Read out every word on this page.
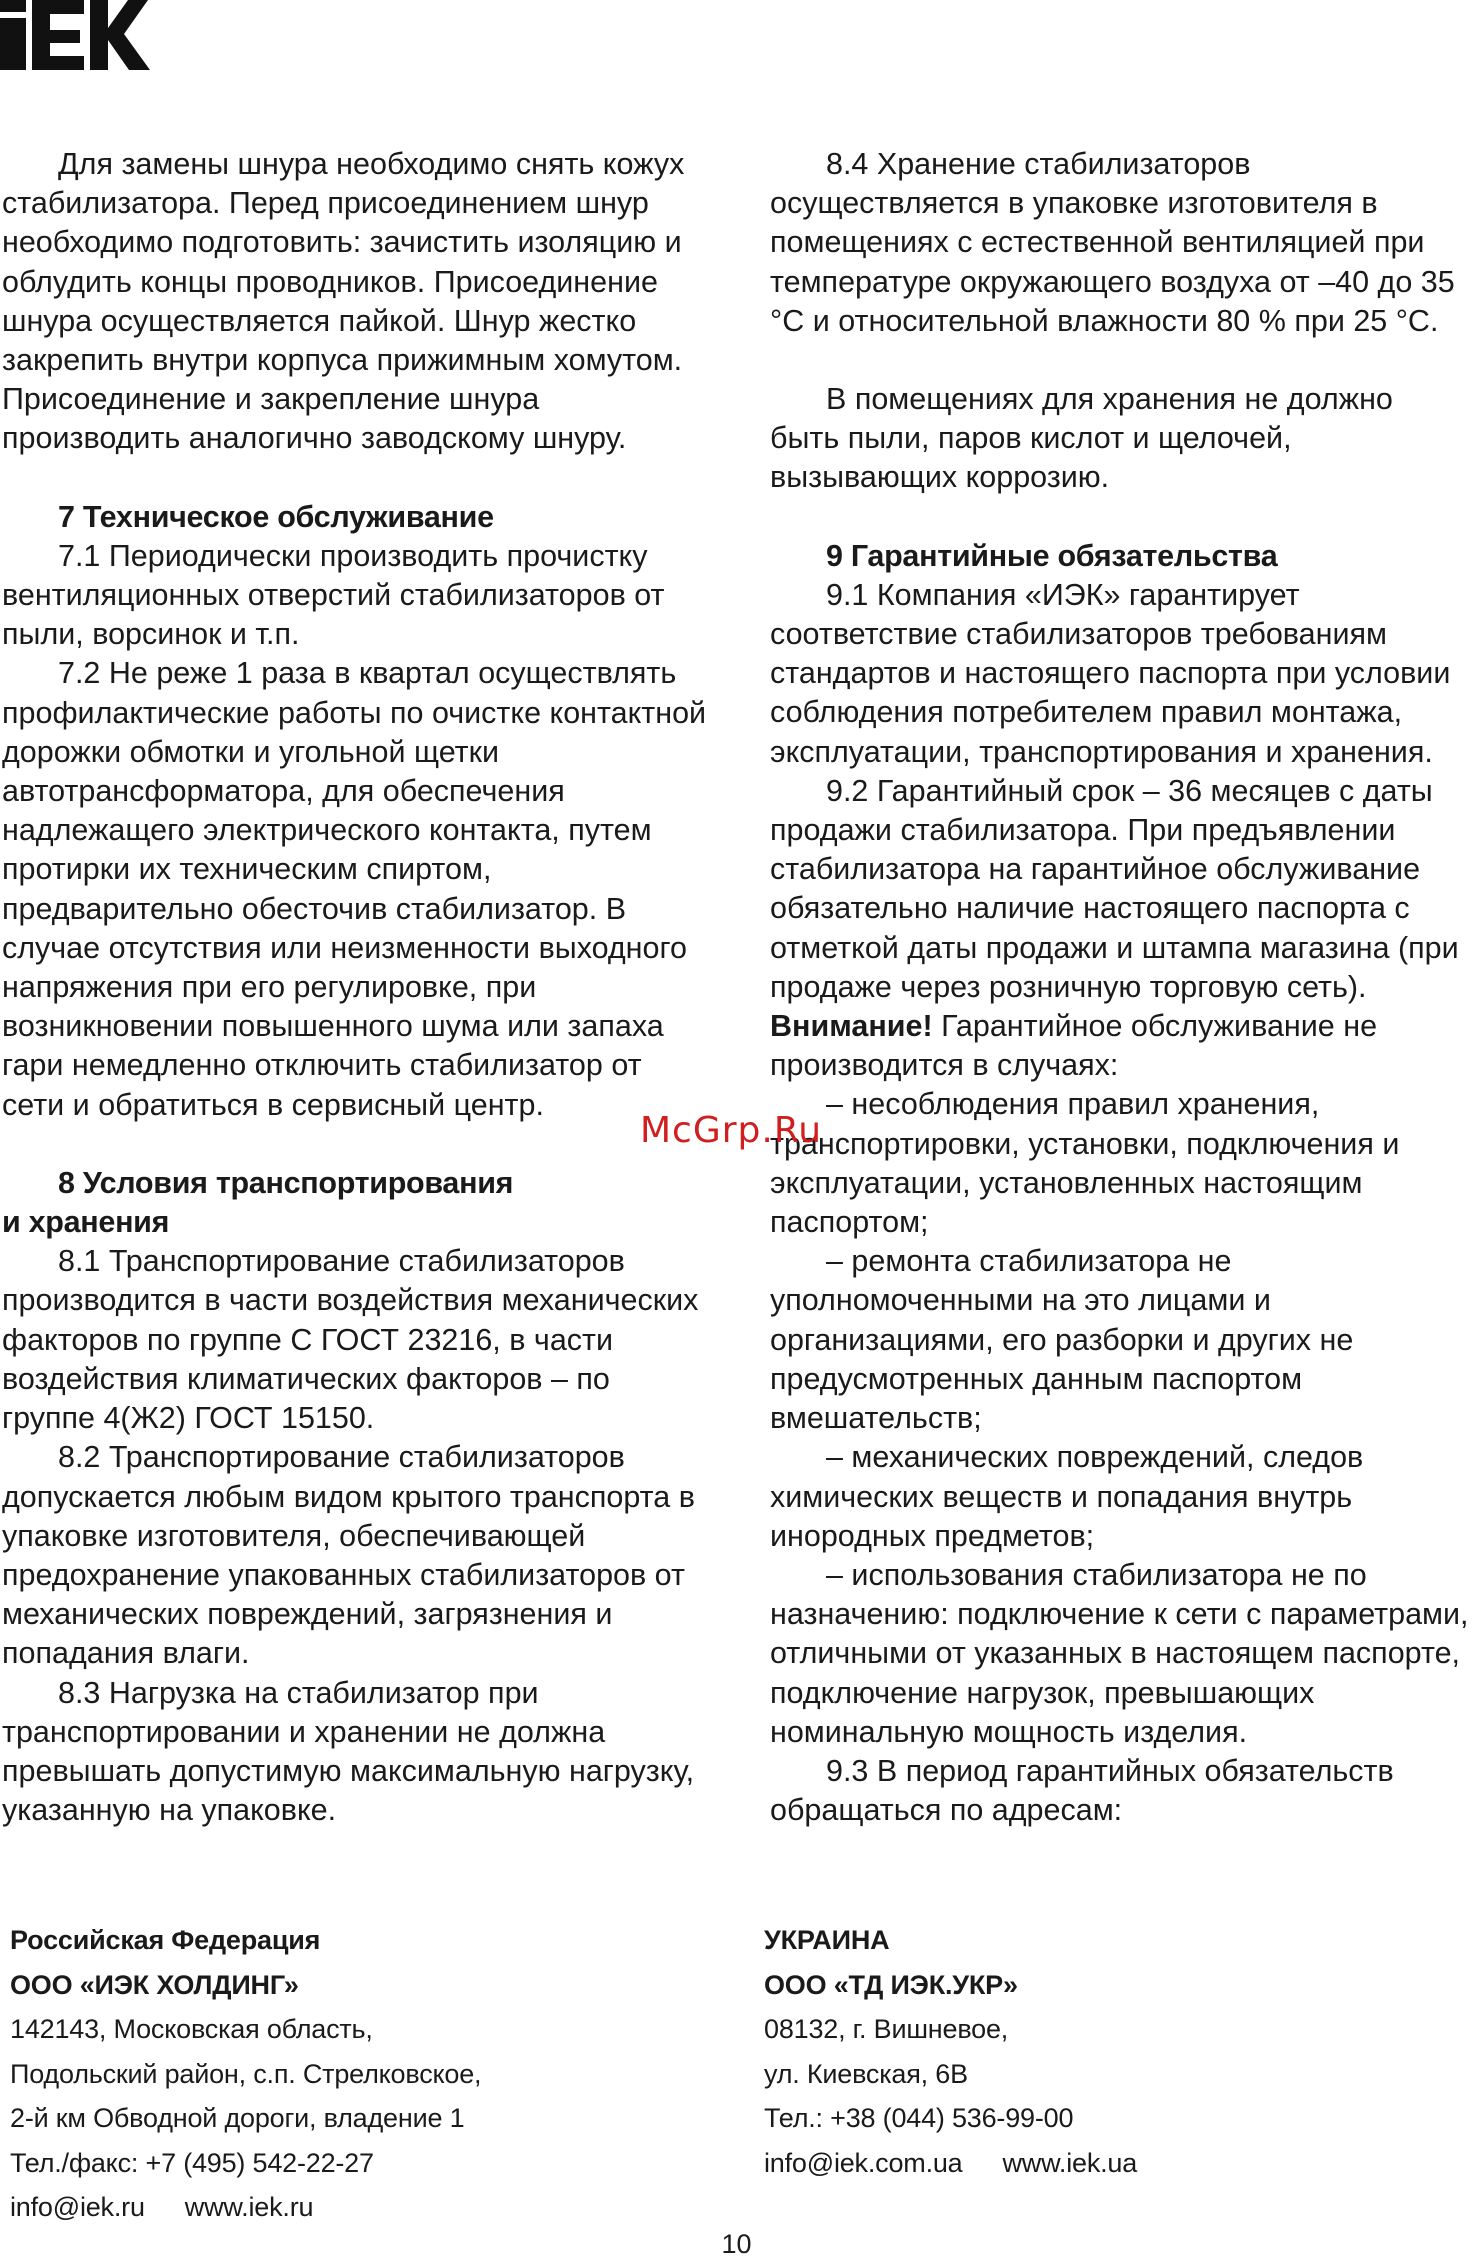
Для замены шнура необходимо снять кожух стабилизатора. Перед присоединением шнур необходимо подготовить: зачистить изоляцию и облудить концы проводников. Присоединение шнура осуществляется пайкой. Шнур жестко закрепить внутри корпуса прижимным хомутом. Присоединение и закрепление шнура производить аналогично заводскому шнуру.

7 Техническое обслуживание

7.1 Периодически производить прочистку вентиляционных отверстий стабилизаторов от пыли, ворсинок и т.п.

7.2 Не реже 1 раза в квартал осуществлять профилактические работы по очистке контактной дорожки обмотки и угольной щетки автотрансформатора, для обеспечения надлежащего электрического контакта, путем протирки их техническим спиртом, предварительно обесточив стабилизатор. В случае отсутствия или неизменности выходного напряжения при его регулировке, при возникновении повышенного шума или запаха гари немедленно отключить стабилизатор от сети и обратиться в сервисный центр.

8 Условия транспортирования
и хранения

8.1 Транспортирование стабилизаторов производится в части воздействия механических факторов по группе С ГОСТ 23216, в части воздействия климатических факторов – по группе 4(Ж2) ГОСТ 15150.

8.2 Транспортирование стабилизаторов допускается любым видом крытого транспорта в упаковке изготовителя, обеспечивающей предохранение упакованных стабилизаторов от механических повреждений, загрязнения и попадания влаги.

8.3 Нагрузка на стабилизатор при транспортировании и хранении не должна превышать допустимую максимальную нагрузку, указанную на упаковке.

8.4 Хранение стабилизаторов осуществляется в упаковке изготовителя в помещениях с естественной вентиляцией при температуре окружающего воздуха от –40 до 35 °С и относительной влажности 80 % при 25 °С.

В помещениях для хранения не должно быть пыли, паров кислот и щелочей, вызывающих коррозию.

9 Гарантийные обязательства

9.1 Компания «ИЭК» гарантирует соответствие стабилизаторов требованиям стандартов и настоящего паспорта при условии соблюдения потребителем правил монтажа, эксплуатации, транспортирования и хранения.

9.2 Гарантийный срок – 36 месяцев с даты продажи стабилизатора. При предъявлении стабилизатора на гарантийное обслуживание обязательно наличие настоящего паспорта с отметкой даты продажи и штампа магазина (при продаже через розничную торговую сеть).

Внимание! Гарантийное обслуживание не производится в случаях:

– несоблюдения правил хранения, транспортировки, установки, подключения и эксплуатации, установленных настоящим паспортом;

– ремонта стабилизатора не уполномоченными на это лицами и организациями, его разборки и других не предусмотренных данным паспортом вмешательств;

– механических повреждений, следов химических веществ и попадания внутрь инородных предметов;

– использования стабилизатора не по назначению: подключение к сети с параметрами, отличными от указанных в настоящем паспорте, подключение нагрузок, превышающих номинальную мощность изделия.

9.3 В период гарантийных обязательств обращаться по адресам:

Российская Федерация
ООО «ИЭК ХОЛДИНГ»
142143, Московская область,
Подольский район, с.п. Стрелковское,
2-й км Обводной дороги, владение 1
Тел./факс: +7 (495) 542-22-27
info@iek.ru www.iek.ru
УКРАИНА
ООО «ТД ИЭК.УКР»
08132, г. Вишневое,
ул. Киевская, 6В
Тел.: +38 (044) 536-99-00
info@iek.com.ua www.iek.ua
McGrp.Ru
10
